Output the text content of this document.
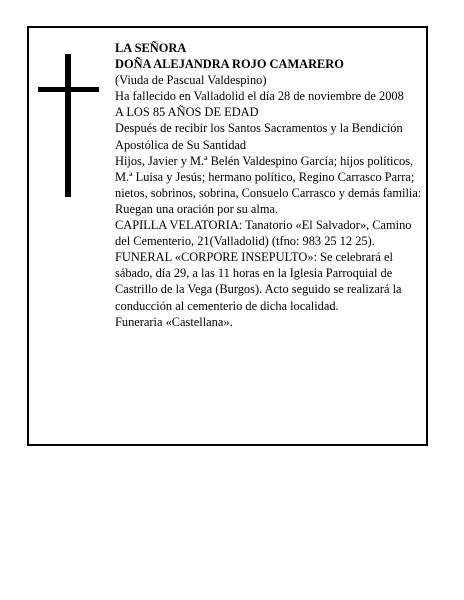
LA SEÑORA

DOÑA ALEJANDRA ROJO CAMARERO

(Viuda de Pascual Valdespino)

Ha fallecido en Valladolid el día 28 de noviembre de 2008

A LOS 85 AÑOS DE EDAD

Después de recibir los Santos Sacramentos y la Bendición Apostólica de Su Santidad

Hijos, Javier y M.ª Belén Valdespino García; hijos políticos, M.ª Luisa y Jesús; hermano político, Regino Carrasco Parra; nietos, sobrinos, sobrina, Consuelo Carrasco y demás familia:

Ruegan una oración por su alma.

CAPILLA VELATORIA: Tanatorio «El Salvador», Camino del Cementerio, 21(Valladolid) (tfno: 983 25 12 25).

FUNERAL «CORPORE INSEPULTO»: Se celebrará el sábado, día 29, a las 11 horas en la Iglesia Parroquial de Castrillo de la Vega (Burgos). Acto seguido se realizará la conducción al cementerio de dicha localidad.

Funeraria «Castellana».
